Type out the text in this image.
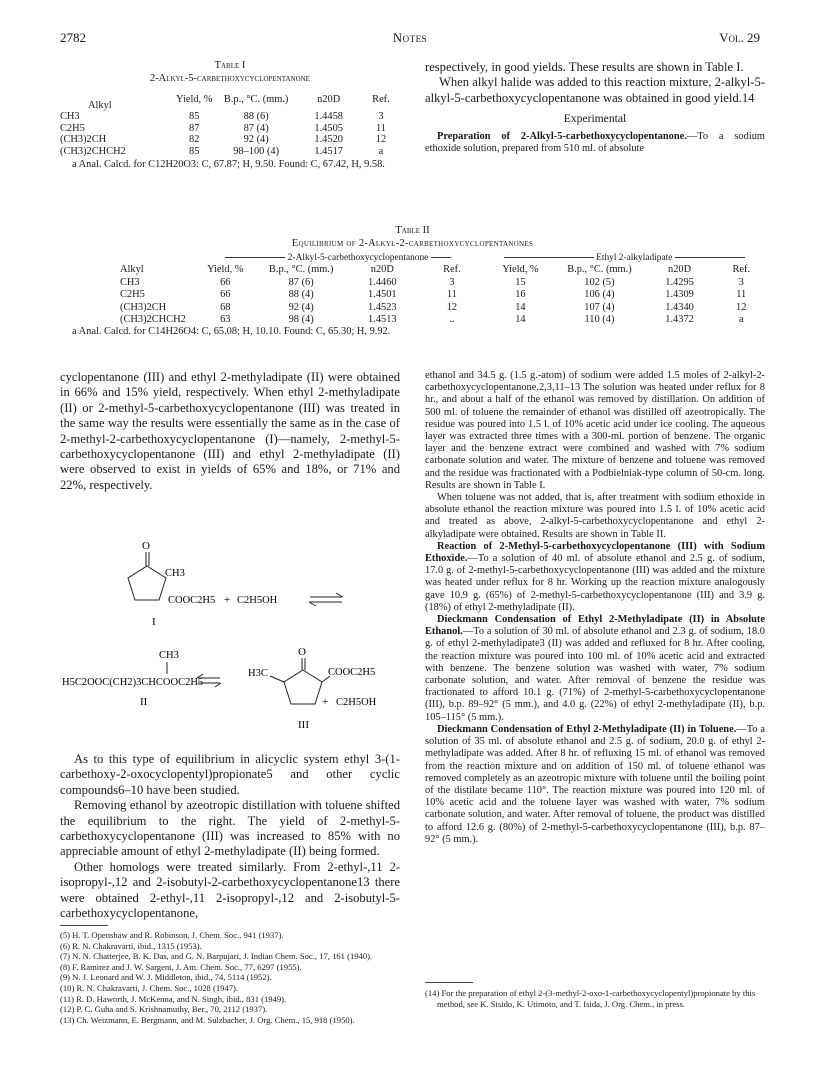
2782	Notes	Vol. 29
Table I
2-Alkyl-5-carbethoxycyclopentanone

Alkyl	Yield, %	B.p., °C. (mm.)	n20D	Ref.
CH3	85	88 (6)	1.4458	3
C2H5	87	87 (4)	1.4505	11
(CH3)2CH	82	92 (4)	1.4520	12
(CH3)2CHCH2	85	98–100 (4)	1.4517	a
a Anal. Calcd. for C12H20O3: C, 67.87; H, 9.50. Found: C, 67.42, H, 9.58.

respectively, in good yields. These results are shown in Table I.

When alkyl halide was added to this reaction mixture, 2-alkyl-5-alkyl-5-carbethoxycyclopentanone was obtained in good yield.14

Experimental

Preparation of 2-Alkyl-5-carbethoxycyclopentanone.—To a sodium ethoxide solution, prepared from 510 ml. of absolute

Table II
Equilibrium of 2-Alkyl-2-carbethoxycyclopentanones
	2-Alkyl-5-carbethoxycyclopentanone				Ethyl 2-alkyladipate			
Alkyl	Yield, %	B.p., °C. (mm.)	n20D	Ref.	Yield, %	B.p., °C. (mm.)	n20D	Ref.
CH3	66	87 (6)	1.4460	3	15	102 (5)	1.4295	3
C2H5	66	88 (4)	1.4501	11	16	106 (4)	1.4309	11
(CH3)2CH	68	92 (4)	1.4523	12	14	107 (4)	1.4340	12
(CH3)2CHCH2	63	98 (4)	1.4513	..	14	110 (4)	1.4372	a
a Anal. Calcd. for C14H26O4: C, 65.08; H, 10.10. Found: C, 65.30; H, 9.92.

cyclopentanone (III) and ethyl 2-methyladipate (II) were obtained in 66% and 15% yield, respectively. When ethyl 2-methyladipate (II) or 2-methyl-5-carbethoxycyclopentanone (III) was treated in the same way the results were essentially the same as in the case of 2-methyl-2-carbethoxycyclopentanone (I)—namely, 2-methyl-5-carbethoxycyclopentanone (III) and ethyl 2-methyladipate (II) were observed to exist in yields of 65% and 18%, or 71% and 22%, respectively.

O
CH3
COOC2H5 + C2H5OH
I
CH3
H5C2OOC(CH2)3CHCOOC2H5
II
O
H3C	COOC2H5
+ C2H5OH
III

As to this type of equilibrium in alicyclic system ethyl 3-(1-carbethoxy-2-oxocyclopentyl)propionate5 and other cyclic compounds6–10 have been studied.

Removing ethanol by azeotropic distillation with toluene shifted the equilibrium to the right. The yield of 2-methyl-5-carbethoxycyclopentanone (III) was increased to 85% with no appreciable amount of ethyl 2-methyladipate (II) being formed.

Other homologs were treated similarly. From 2-ethyl-,11 2-isopropyl-,12 and 2-isobutyl-2-carbethoxycyclopentanone13 there were obtained 2-ethyl-,11 2-isopropyl-,12 and 2-isobutyl-5-carbethoxycyclopentanone,

(5) H. T. Openshaw and R. Robinson, J. Chem. Soc., 941 (1937).
(6) R. N. Chakravarti, ibid., 1315 (1953).
(7) N. N. Chatterjee, B. K. Das, and G. N. Barpujari, J. Indian Chem. Soc., 17, 161 (1940).
(8) F. Ramirez and J. W. Sargent, J. Am. Chem. Soc., 77, 6297 (1955).
(9) N. J. Leonard and W. J. Middleton, ibid., 74, 5114 (1952).
(10) R. N. Chakravarti, J. Chem. Soc., 1028 (1947).
(11) R. D. Haworth, J. McKenna, and N. Singh, ibid., 831 (1949).
(12) P. C. Guha and S. Krishnamuthy, Ber., 70, 2112 (1937).
(13) Ch. Weizmann, E. Bergmann, and M. Sulzbacher, J. Org. Chem., 15, 918 (1950).

ethanol and 34.5 g. (1.5 g.-atom) of sodium were added 1.5 moles of 2-alkyl-2-carbethoxycyclopentanone.2,3,11–13 The solution was heated under reflux for 8 hr., and about a half of the ethanol was removed by distillation. On addition of 500 ml. of toluene the remainder of ethanol was distilled off azeotropically. The residue was poured into 1.5 l. of 10% acetic acid under ice cooling. The aqueous layer was extracted three times with a 300-ml. portion of benzene. The organic layer and the benzene extract were combined and washed with 7% sodium carbonate solution and water. The mixture of benzene and toluene was removed and the residue was fractionated with a Podbielniak-type column of 50-cm. long. Results are shown in Table I.

When toluene was not added, that is, after treatment with sodium ethoxide in absolute ethanol the reaction mixture was poured into 1.5 l. of 10% acetic acid and treated as above, 2-alkyl-5-carbethoxycyclopentanone and ethyl 2-alkyladipate were obtained. Results are shown in Table II.

Reaction of 2-Methyl-5-carbethoxycyclopentanone (III) with Sodium Ethoxide.—To a solution of 40 ml. of absolute ethanol and 2.5 g. of sodium, 17.0 g. of 2-methyl-5-carbethoxycyclopentanone (III) was added and the mixture was heated under reflux for 8 hr. Working up the reaction mixture analogously gave 10.9 g. (65%) of 2-methyl-5-carbethoxycyclopentanone (III) and 3.9 g. (18%) of ethyl 2-methyladipate (II).

Dieckmann Condensation of Ethyl 2-Methyladipate (II) in Absolute Ethanol.—To a solution of 30 ml. of absolute ethanol and 2.3 g. of sodium, 18.0 g. of ethyl 2-methyladipate3 (II) was added and refluxed for 8 hr. After cooling, the reaction mixture was poured into 100 ml. of 10% acetic acid and extracted with benzene. The benzene solution was washed with water, 7% sodium carbonate solution, and water. After removal of benzene the residue was fractionated to afford 10.1 g. (71%) of 2-methyl-5-carbethoxycyclopentanone (III), b.p. 89–92° (5 mm.), and 4.0 g. (22%) of ethyl 2-methyladipate (II), b.p. 105–115° (5 mm.).

Dieckmann Condensation of Ethyl 2-Methyladipate (II) in Toluene.—To a solution of 35 ml. of absolute ethanol and 2.5 g. of sodium, 20.0 g. of ethyl 2-methyladipate was added. After 8 hr. of refluxing 15 ml. of ethanol was removed from the reaction mixture and on addition of 150 ml. of toluene ethanol was removed completely as an azeotropic mixture with toluene until the boiling point of the distilate became 110°. The reaction mixture was poured into 120 ml. of 10% acetic acid and the toluene layer was washed with water, 7% sodium carbonate solution, and water. After removal of toluene, the product was distilled to afford 12.6 g. (80%) of 2-methyl-5-carbethoxycyclopentanone (III), b.p. 87–92° (5 mm.).

(14) For the preparation of ethyl 2-(3-methyl-2-oxo-1-carbethoxycyclopentyl)propionate by this method, see K. Sisido, K. Utimoto, and T. Isida, J. Org. Chem., in press.
